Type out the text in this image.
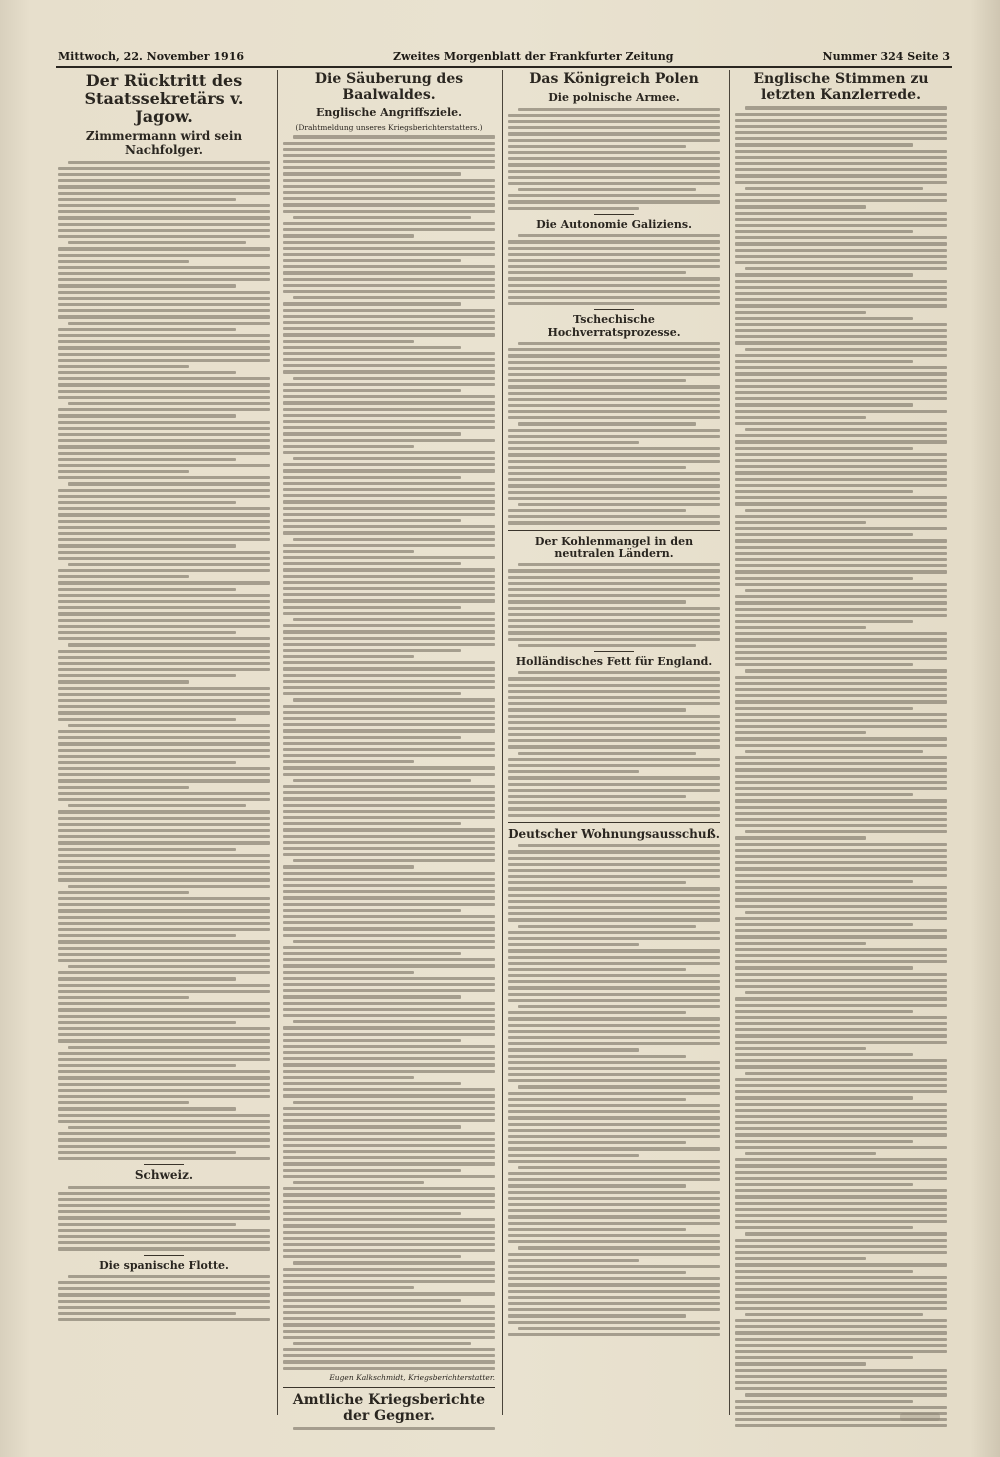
Mittwoch, 22. November 1916	Zweites Morgenblatt der Frankfurter Zeitung	Nummer 324 Seite 3
Der Rücktritt des Staatssekretärs v. Jagow.
Zimmermann wird sein Nachfolger.
Schweiz.
Die spanische Flotte.
Die Säuberung des Baalwaldes.
Englische Angriffsziele.
(Drahtmeldung unseres Kriegsberichterstatters.)
Eugen Kalkschmidt, Kriegsberichterstatter.
Amtliche Kriegsberichte der Gegner.
Das Königreich Polen
Die polnische Armee.
Die Autonomie Galiziens.
Tschechische Hochverratsprozesse.
Der Kohlenmangel in den neutralen Ländern.
Holländisches Fett für England.
Deutscher Wohnungsausschuß.
Englische Stimmen zu letzten Kanzlerrede.
